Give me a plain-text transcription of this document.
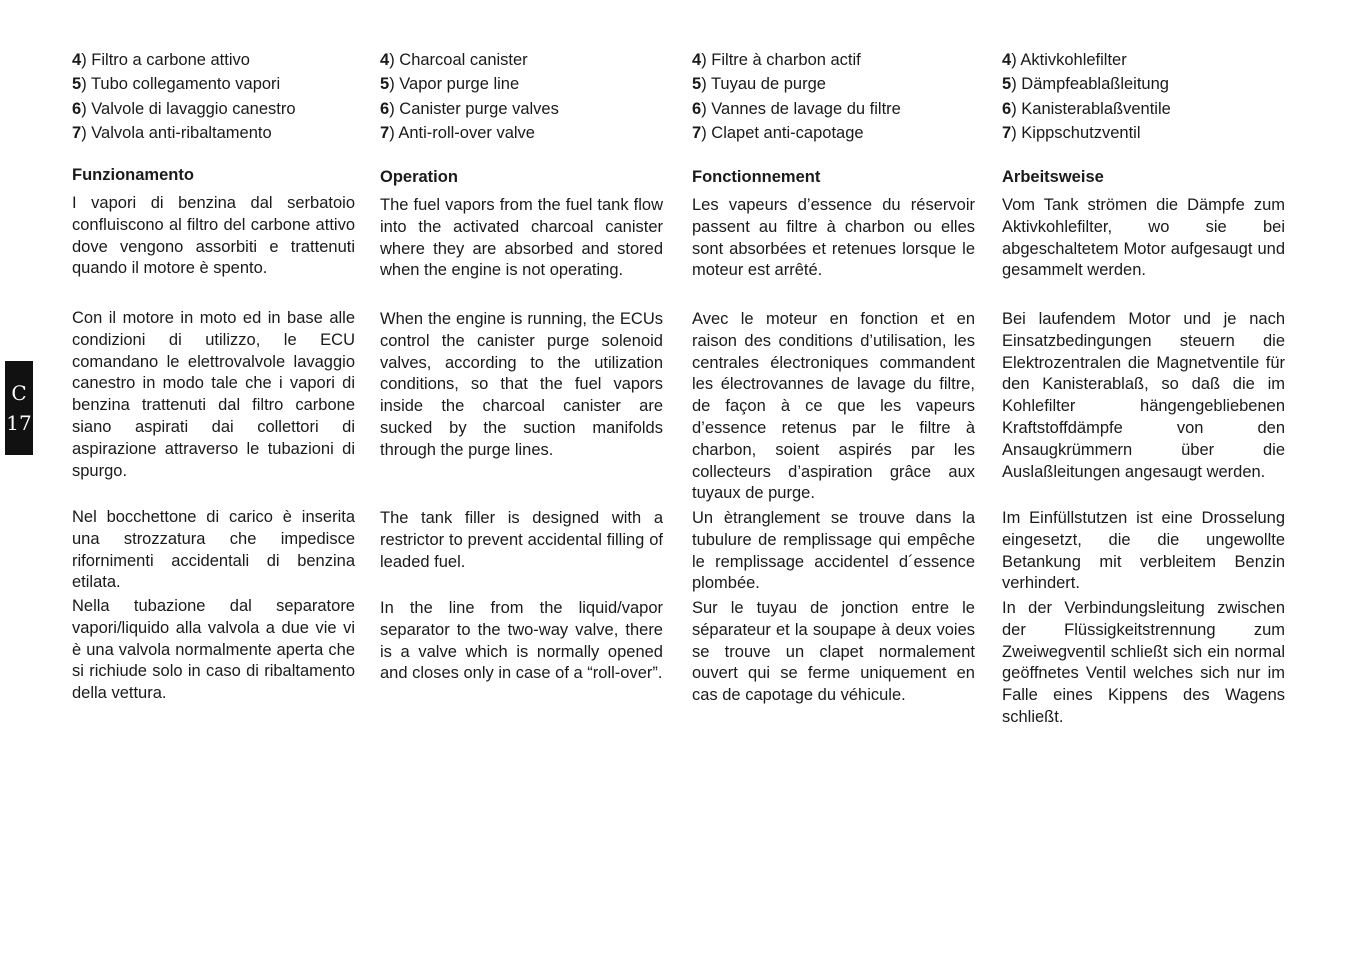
C
17
4) Filtro a carbone attivo
5) Tubo collegamento vapori
6) Valvole di lavaggio canestro
7) Valvola anti-ribaltamento
Funzionamento

I vapori di benzina dal serbatoio confluiscono al filtro del carbone attivo dove vengono assorbiti e trattenuti quando il motore è spento.

Con il motore in moto ed in base alle condizioni di utilizzo, le ECU comandano le elettrovalvole lavaggio canestro in modo tale che i vapori di benzina trattenuti dal filtro carbone siano aspirati dai collettori di aspirazione attraverso le tubazioni di spurgo.

Nel bocchettone di carico è inserita una strozzatura che impedisce rifornimenti accidentali di benzina etilata.

Nella tubazione dal separatore vapori/liquido alla valvola a due vie vi è una valvola normalmente aperta che si richiude solo in caso di ribaltamento della vettura.

4) Charcoal canister
5) Vapor purge line
6) Canister purge valves
7) Anti-roll-over valve
Operation

The fuel vapors from the fuel tank flow into the activated charcoal canister where they are absorbed and stored when the engine is not operating.

When the engine is running, the ECUs control the canister purge solenoid valves, according to the utilization conditions, so that the fuel vapors inside the charcoal canister are sucked by the suction manifolds through the purge lines.

The tank filler is designed with a restrictor to prevent accidental filling of leaded fuel.

In the line from the liquid/vapor separator to the two-way valve, there is a valve which is normally opened and closes only in case of a “roll-over”.

4) Filtre à charbon actif
5) Tuyau de purge
6) Vannes de lavage du filtre
7) Clapet anti-capotage
Fonctionnement

Les vapeurs d’essence du réservoir passent au filtre à charbon ou elles sont absorbées et retenues lorsque le moteur est arrêté.

Avec le moteur en fonction et en raison des conditions d’utilisation, les centrales électroniques commandent les électrovannes de lavage du filtre, de façon à ce que les vapeurs d’essence retenus par le filtre à charbon, soient aspirés par les collecteurs d’aspiration grâce aux tuyaux de purge.

Un ètranglement se trouve dans la tubulure de remplissage qui empêche le remplissage accidentel d´essence plombée.

Sur le tuyau de jonction entre le séparateur et la soupape à deux voies se trouve un clapet normalement ouvert qui se ferme uniquement en cas de capotage du véhicule.

4) Aktivkohlefilter
5) Dämpfeablaßleitung
6) Kanisterablaßventile
7) Kippschutzventil
Arbeitsweise

Vom Tank strömen die Dämpfe zum Aktivkohlefilter, wo sie bei abgeschaltetem Motor aufgesaugt und gesammelt werden.

Bei laufendem Motor und je nach Einsatzbedingungen steuern die Elektrozentralen die Magnetventile für den Kanisterablaß, so daß die im Kohlefilter hängengebliebenen Kraftstoffdämpfe von den Ansaugkrümmern über die Auslaßleitungen angesaugt werden.

Im Einfüllstutzen ist eine Drosselung eingesetzt, die die ungewollte Betankung mit verbleitem Benzin verhindert.

In der Verbindungsleitung zwischen der Flüssigkeitstrennung zum Zweiwegventil schließt sich ein normal geöffnetes Ventil welches sich nur im Falle eines Kippens des Wagens schließt.
